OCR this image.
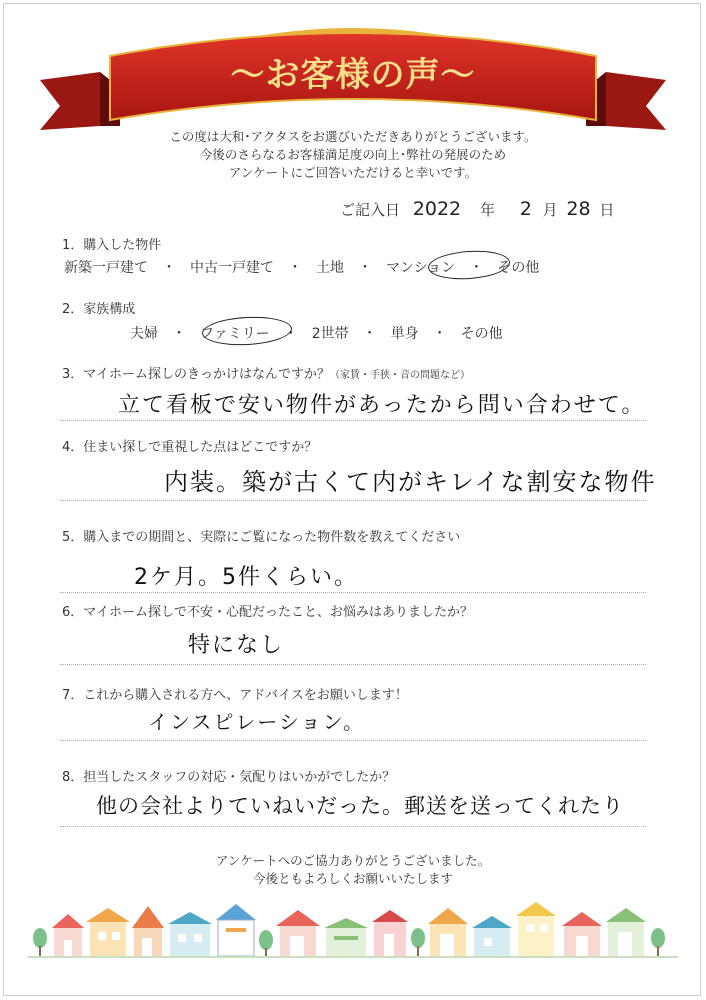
～お客様の声～
この度は大和･アクタスをお選びいただきありがとうございます。
今後のさらなるお客様満足度の向上･弊社の発展のため
アンケートにご回答いただけると幸いです。
ご記入日 2022 年 2 月 28 日
1．購入した物件
新築一戸建て ・ 中古一戸建て ・ 土地 ・ マンション ・ その他
2．家族構成
夫婦 ・ ファミリー ・ 2世帯 ・ 単身 ・ その他
3．マイホーム探しのきっかけはなんですか？（家賃・手狭・音の問題など）
立て看板で安い物件があったから問い合わせて。
4．住まい探しで重視した点はどこですか？
内装。築が古くて内がキレイな割安な物件
5．購入までの期間と、実際にご覧になった物件数を教えてください
2ケ月。5件くらい。
6．マイホーム探しで不安・心配だったこと、お悩みはありましたか？
特になし
7．これから購入される方へ、アドバイスをお願いします！
インスピレーション。
8．担当したスタッフの対応・気配りはいかがでしたか？
他の会社よりていねいだった。郵送を送ってくれたり
アンケートへのご協力ありがとうございました。
今後ともよろしくお願いいたします
